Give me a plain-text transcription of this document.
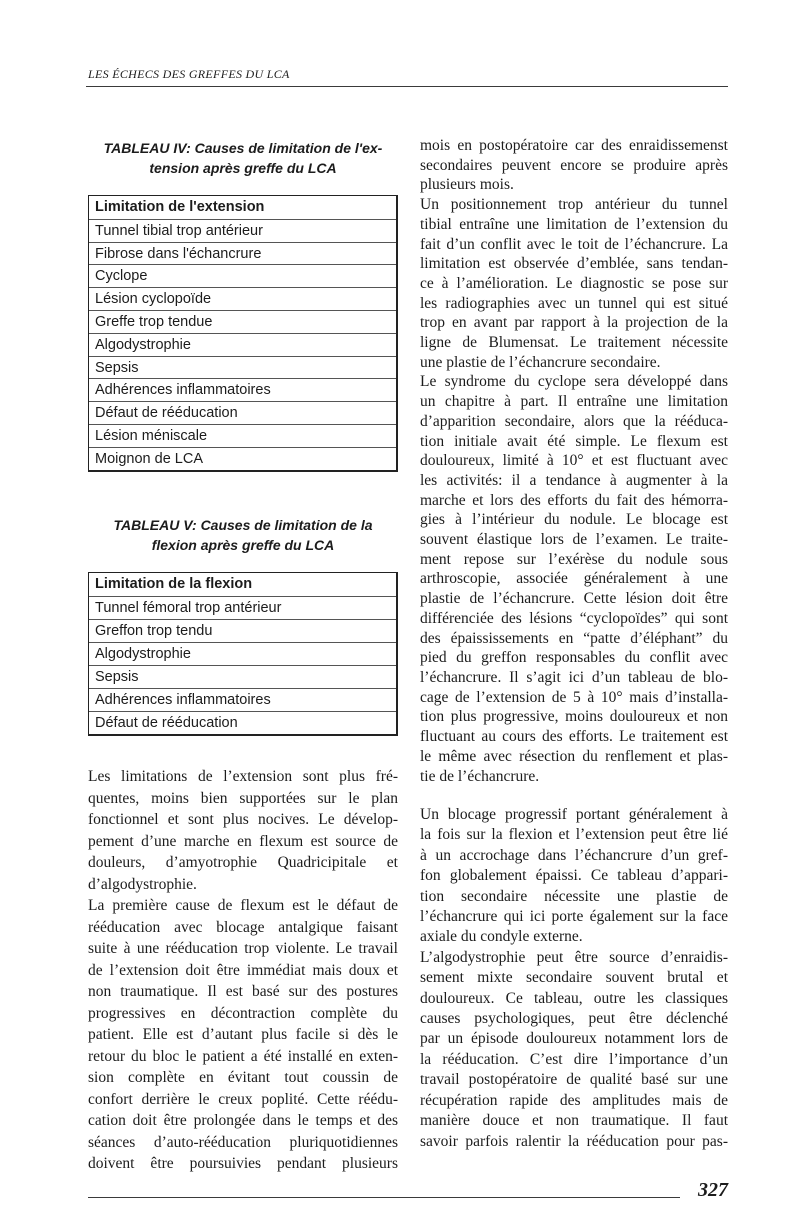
LES ÉCHECS DES GREFFES DU LCA
TABLEAU IV: Causes de limitation de l'ex-
tension après greffe du LCA
Limitation de l'extension
Tunnel tibial trop antérieur
Fibrose dans l'échancrure
Cyclope
Lésion cyclopoïde
Greffe trop tendue
Algodystrophie
Sepsis
Adhérences inflammatoires
Défaut de rééducation
Lésion méniscale
Moignon de LCA
TABLEAU V: Causes de limitation de la
flexion après greffe du LCA
Limitation de la flexion
Tunnel fémoral trop antérieur
Greffon trop tendu
Algodystrophie
Sepsis
Adhérences inflammatoires
Défaut de rééducation
Les limitations de l’extension sont plus fré-
quentes, moins bien supportées sur le plan
fonctionnel et sont plus nocives. Le dévelop-
pement d’une marche en flexum est source de
douleurs, d’amyotrophie Quadricipitale et
d’algodystrophie.
La première cause de flexum est le défaut de
rééducation avec blocage antalgique faisant
suite à une rééducation trop violente. Le travail
de l’extension doit être immédiat mais doux et
non traumatique. Il est basé sur des postures
progressives en décontraction complète du
patient. Elle est d’autant plus facile si dès le
retour du bloc le patient a été installé en exten-
sion complète en évitant tout coussin de
confort derrière le creux poplité. Cette réédu-
cation doit être prolongée dans le temps et des
séances d’auto-rééducation pluriquotidiennes
doivent être poursuivies pendant plusieurs
mois en postopératoire car des enraidissemenst
secondaires peuvent encore se produire après
plusieurs mois.
Un positionnement trop antérieur du tunnel
tibial entraîne une limitation de l’extension du
fait d’un conflit avec le toit de l’échancrure. La
limitation est observée d’emblée, sans tendan-
ce à l’amélioration. Le diagnostic se pose sur
les radiographies avec un tunnel qui est situé
trop en avant par rapport à la projection de la
ligne de Blumensat. Le traitement nécessite
une plastie de l’échancrure secondaire.
Le syndrome du cyclope sera développé dans
un chapitre à part. Il entraîne une limitation
d’apparition secondaire, alors que la rééduca-
tion initiale avait été simple. Le flexum est
douloureux, limité à 10° et est fluctuant avec
les activités: il a tendance à augmenter à la
marche et lors des efforts du fait des hémorra-
gies à l’intérieur du nodule. Le blocage est
souvent élastique lors de l’examen. Le traite-
ment repose sur l’exérèse du nodule sous
arthroscopie, associée généralement à une
plastie de l’échancrure. Cette lésion doit être
différenciée des lésions “cyclopoïdes” qui sont
des épaississements en “patte d’éléphant” du
pied du greffon responsables du conflit avec
l’échancrure. Il s’agit ici d’un tableau de blo-
cage de l’extension de 5 à 10° mais d’installa-
tion plus progressive, moins douloureux et non
fluctuant au cours des efforts. Le traitement est
le même avec résection du renflement et plas-
tie de l’échancrure.
Un blocage progressif portant généralement à
la fois sur la flexion et l’extension peut être lié
à un accrochage dans l’échancrure d’un gref-
fon globalement épaissi. Ce tableau d’appari-
tion secondaire nécessite une plastie de
l’échancrure qui ici porte également sur la face
axiale du condyle externe.
L’algodystrophie peut être source d’enraidis-
sement mixte secondaire souvent brutal et
douloureux. Ce tableau, outre les classiques
causes psychologiques, peut être déclenché
par un épisode douloureux notamment lors de
la rééducation. C’est dire l’importance d’un
travail postopératoire de qualité basé sur une
récupération rapide des amplitudes mais de
manière douce et non traumatique. Il faut
savoir parfois ralentir la rééducation pour pas-
327
